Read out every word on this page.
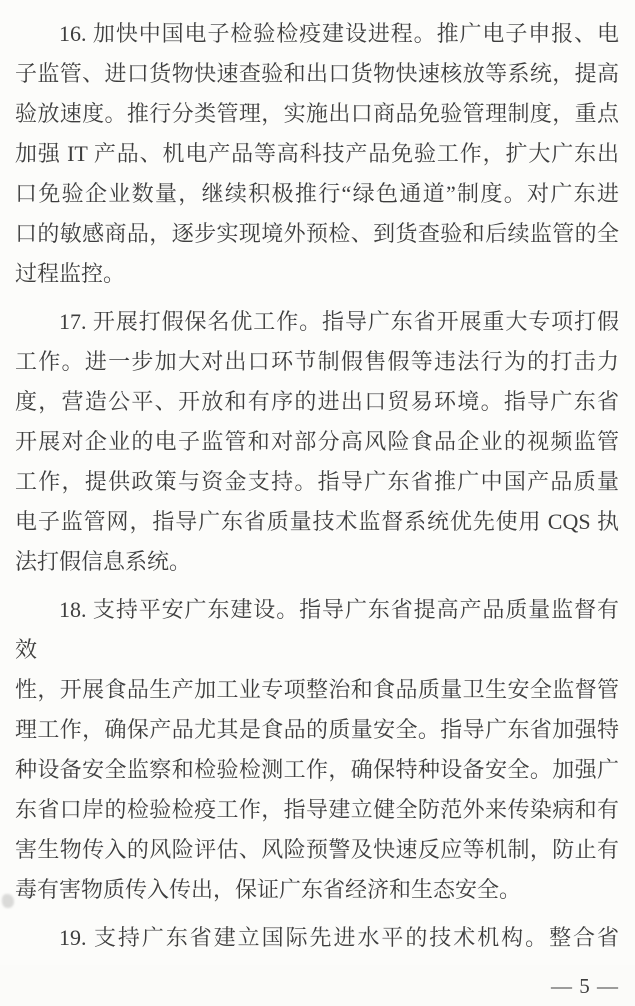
16. 加快中国电子检验检疫建设进程。推广电子申报、电
子监管、进口货物快速查验和出口货物快速核放等系统，提高
验放速度。推行分类管理，实施出口商品免验管理制度，重点
加强 IT 产品、机电产品等高科技产品免验工作，扩大广东出
口免验企业数量，继续积极推行“绿色通道”制度。对广东进
口的敏感商品，逐步实现境外预检、到货查验和后续监管的全
过程监控。
17. 开展打假保名优工作。指导广东省开展重大专项打假
工作。进一步加大对出口环节制假售假等违法行为的打击力
度，营造公平、开放和有序的进出口贸易环境。指导广东省
开展对企业的电子监管和对部分高风险食品企业的视频监管
工作，提供政策与资金支持。指导广东省推广中国产品质量
电子监管网，指导广东省质量技术监督系统优先使用 CQS 执
法打假信息系统。
18. 支持平安广东建设。指导广东省提高产品质量监督有效
性，开展食品生产加工业专项整治和食品质量卫生安全监督管
理工作，确保产品尤其是食品的质量安全。指导广东省加强特
种设备安全监察和检验检测工作，确保特种设备安全。加强广
东省口岸的检验检疫工作，指导建立健全防范外来传染病和有
害生物传入的风险评估、风险预警及快速反应等机制，防止有
毒有害物质传入传出，保证广东省经济和生态安全。
19. 支持广东省建立国际先进水平的技术机构。整合省
— 5 —
